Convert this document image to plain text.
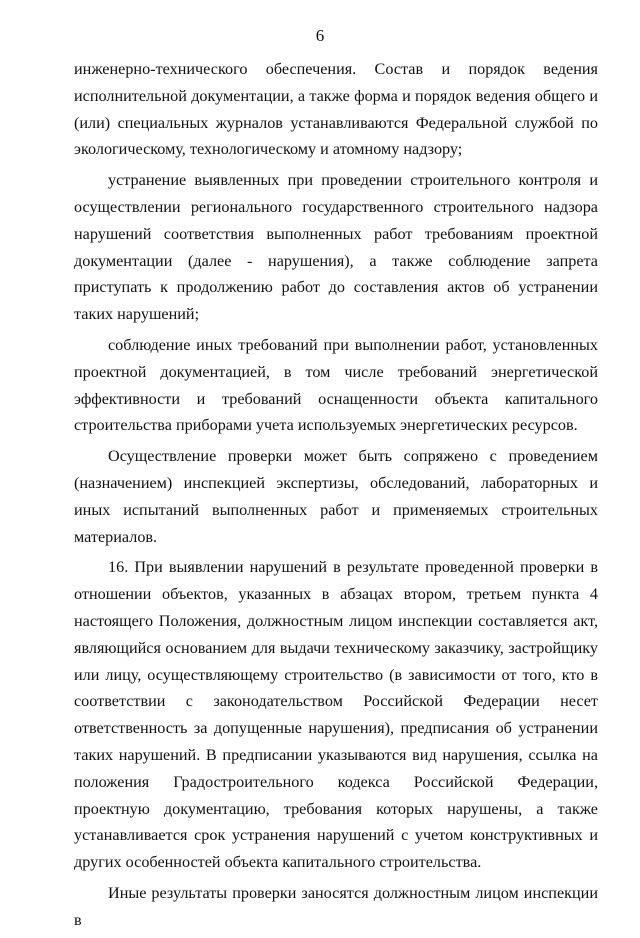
6

инженерно-технического обеспечения. Состав и порядок ведения исполнительной документации, а также форма и порядок ведения общего и (или) специальных журналов устанавливаются Федеральной службой по экологическому, технологическому и атомному надзору;

устранение выявленных при проведении строительного контроля и осуществлении регионального государственного строительного надзора нарушений соответствия выполненных работ требованиям проектной документации (далее - нарушения), а также соблюдение запрета приступать к продолжению работ до составления актов об устранении таких нарушений;

соблюдение иных требований при выполнении работ, установленных проектной документацией, в том числе требований энергетической эффективности и требований оснащенности объекта капитального строительства приборами учета используемых энергетических ресурсов.

Осуществление проверки может быть сопряжено с проведением (назначением) инспекцией экспертизы, обследований, лабораторных и иных испытаний выполненных работ и применяемых строительных материалов.

16. При выявлении нарушений в результате проведенной проверки в отношении объектов, указанных в абзацах втором, третьем пункта 4 настоящего Положения, должностным лицом инспекции составляется акт, являющийся основанием для выдачи техническому заказчику, застройщику или лицу, осуществляющему строительство (в зависимости от того, кто в соответствии с законодательством Российской Федерации несет ответственность за допущенные нарушения), предписания об устранении таких нарушений. В предписании указываются вид нарушения, ссылка на положения Градостроительного кодекса Российской Федерации, проектную документацию, требования которых нарушены, а также устанавливается срок устранения нарушений с учетом конструктивных и других особенностей объекта капитального строительства.

Иные результаты проверки заносятся должностным лицом инспекции в
